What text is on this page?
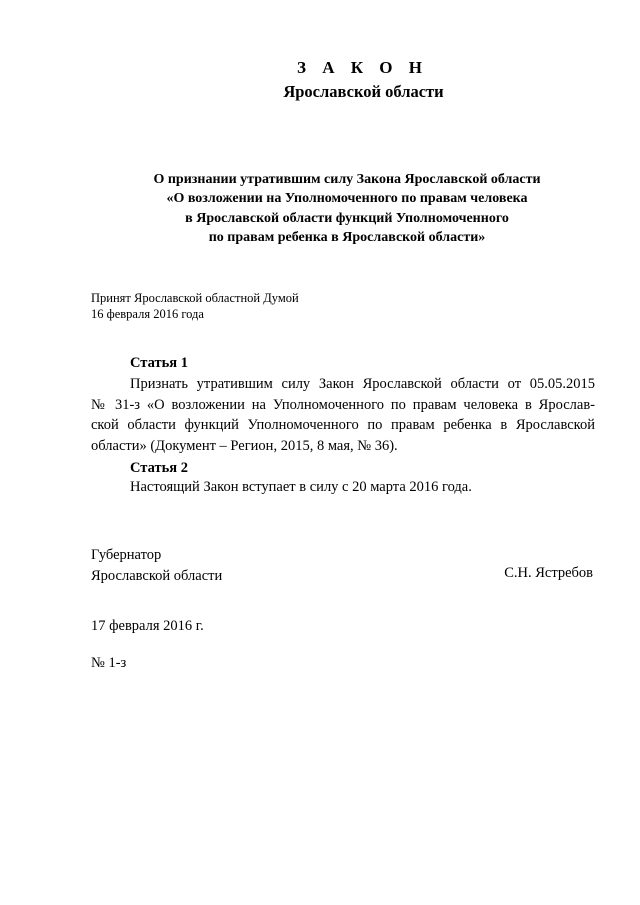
З А К О Н
Ярославской области
О признании утратившим силу Закона Ярославской области
«О возложении на Уполномоченного по правам человека
в Ярославской области функций Уполномоченного
по правам ребенка в Ярославской области»
Принят Ярославской областной Думой
16 февраля 2016 года
Статья 1
Признать утратившим силу Закон Ярославской области от 05.05.2015
№ 31-з «О возложении на Уполномоченного по правам человека в Ярослав-
ской области функций Уполномоченного по правам ребенка в Ярославской
области» (Документ – Регион, 2015, 8 мая, № 36).
Статья 2
Настоящий Закон вступает в силу с 20 марта 2016 года.
Губернатор
Ярославской области	С.Н. Ястребов
17 февраля 2016 г.
№ 1-з
